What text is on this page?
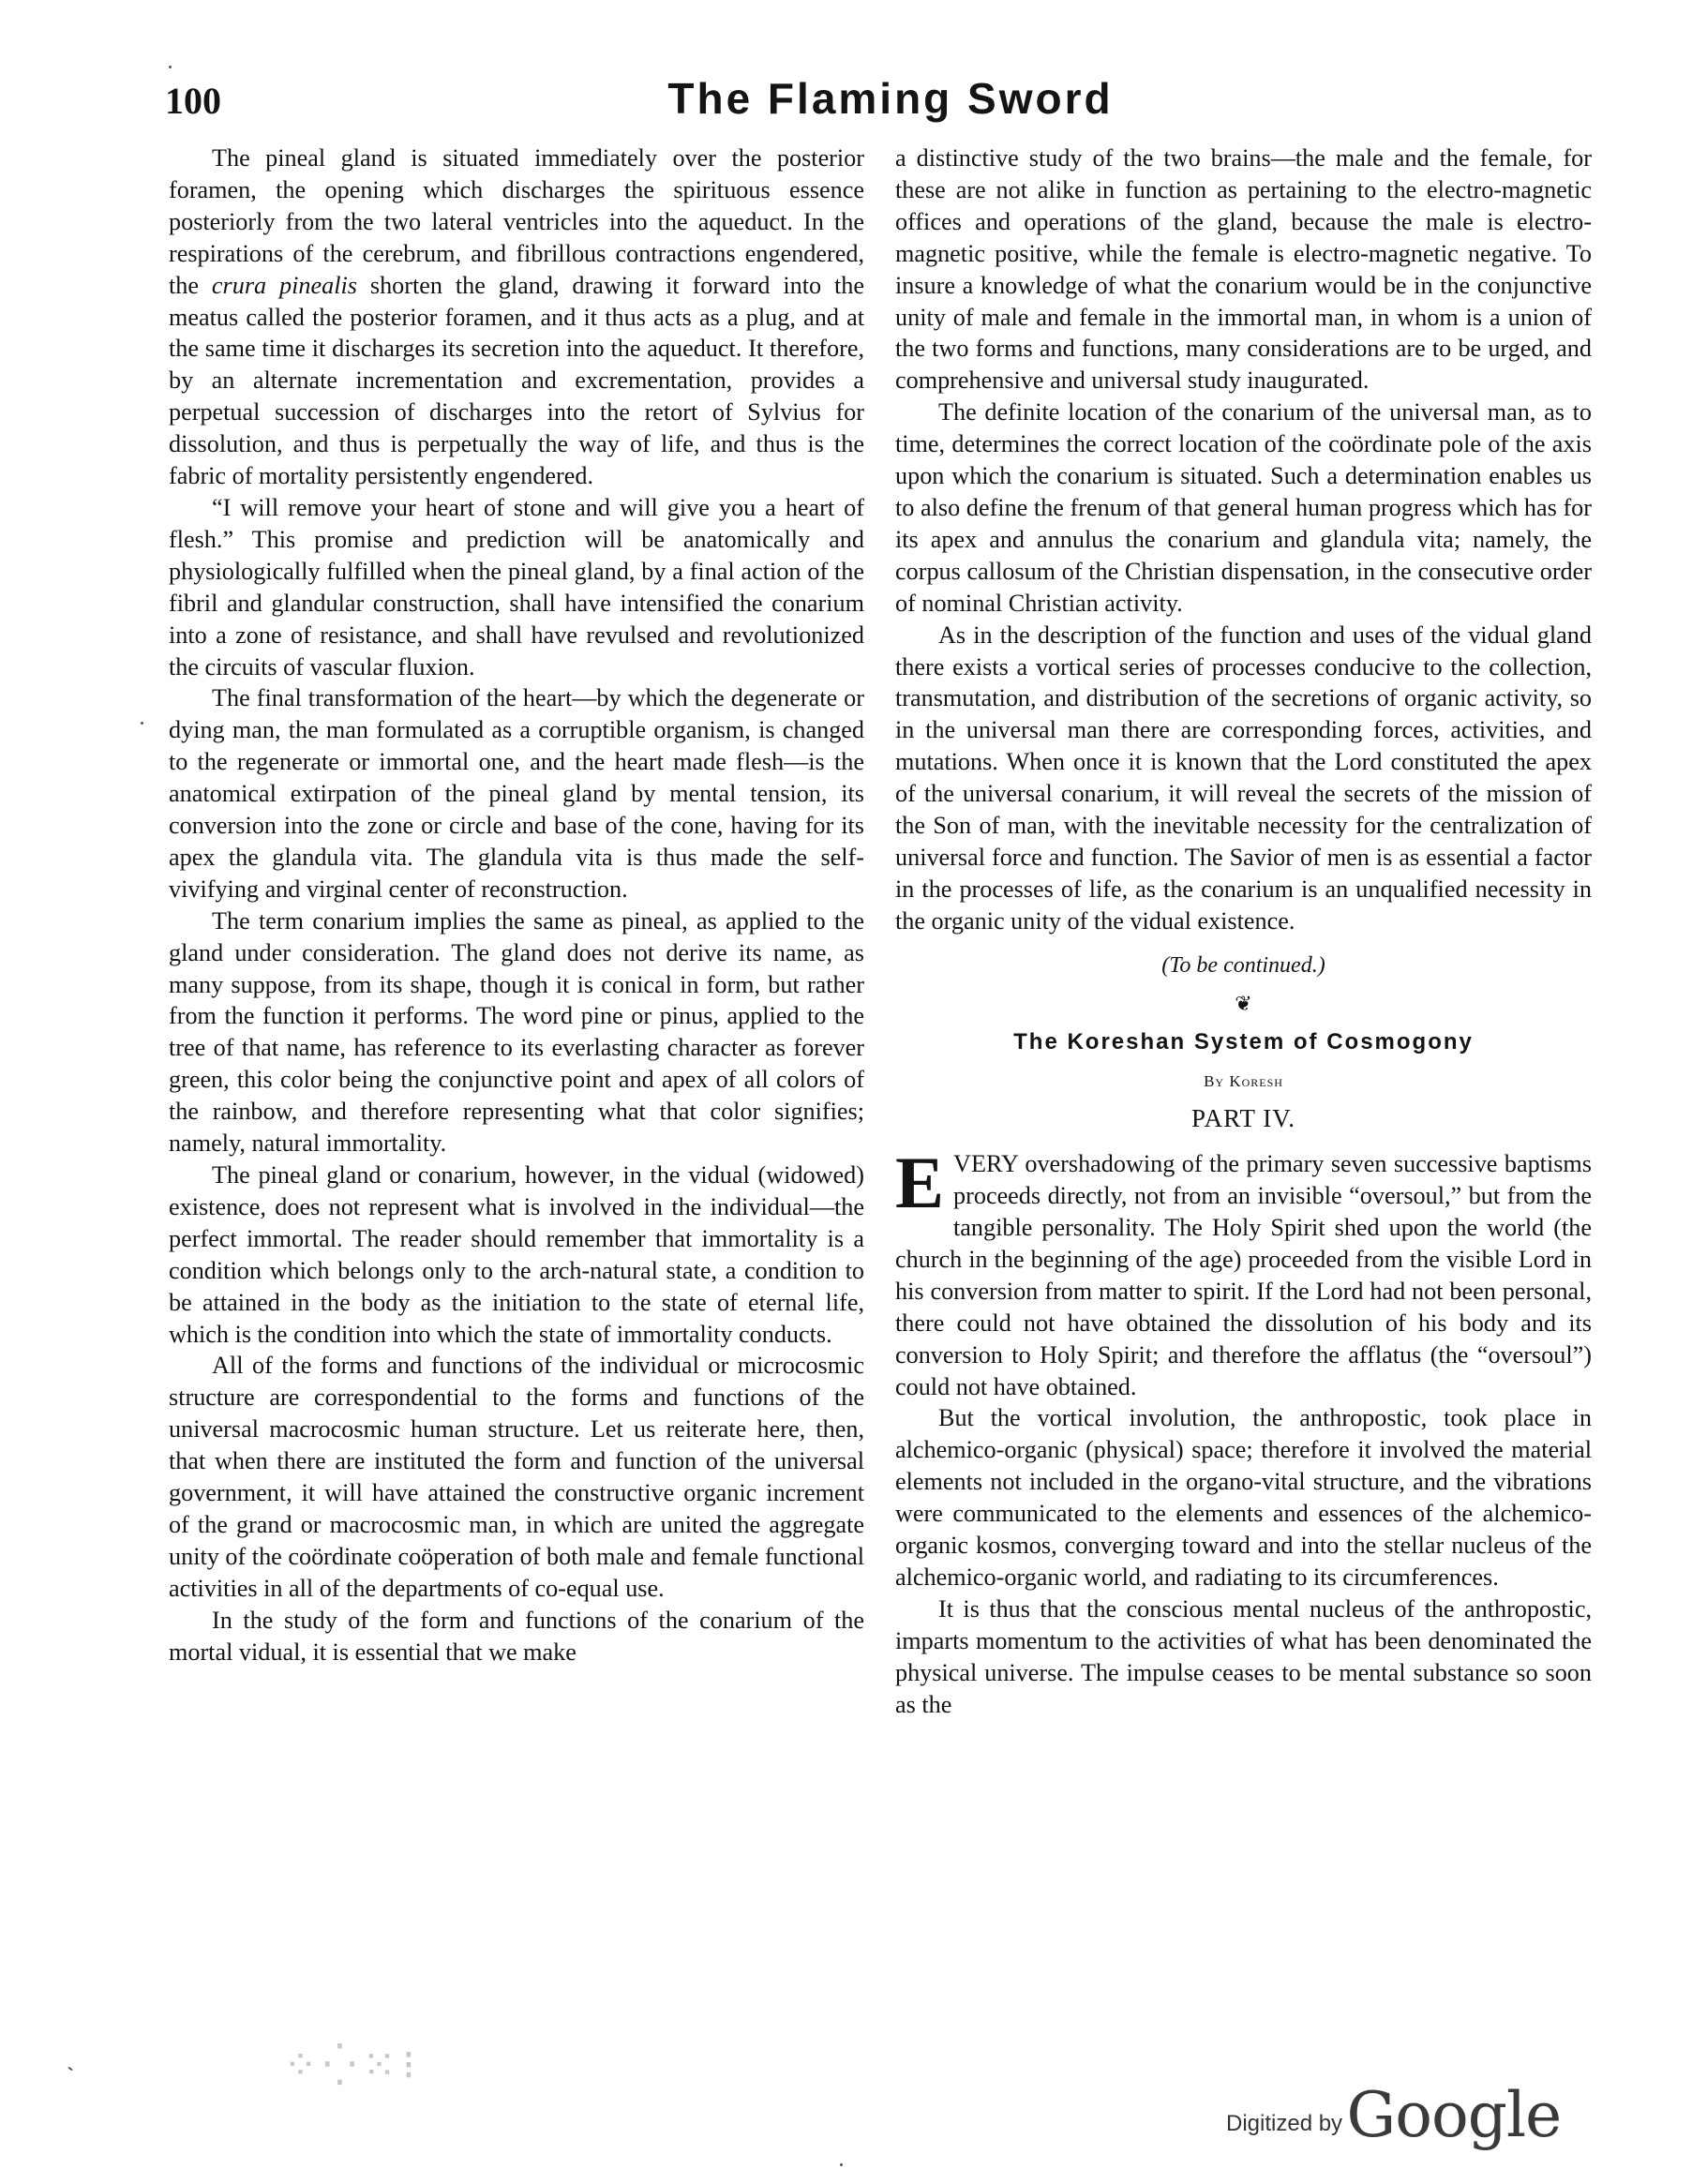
100	The Flaming Sword

The pineal gland is situated immediately over the posterior foramen, the opening which discharges the spirituous essence posteriorly from the two lateral ventricles into the aqueduct. In the respirations of the cerebrum, and fibrillous contractions engendered, the crura pinealis shorten the gland, drawing it forward into the meatus called the posterior foramen, and it thus acts as a plug, and at the same time it discharges its secretion into the aqueduct. It therefore, by an alternate incrementation and excrementation, provides a perpetual succession of discharges into the retort of Sylvius for dissolution, and thus is perpetually the way of life, and thus is the fabric of mortality persistently engendered.

“I will remove your heart of stone and will give you a heart of flesh.” This promise and prediction will be anatomically and physiologically fulfilled when the pineal gland, by a final action of the fibril and glandular construction, shall have intensified the conarium into a zone of resistance, and shall have revulsed and revolutionized the circuits of vascular fluxion.

The final transformation of the heart—by which the degenerate or dying man, the man formulated as a corruptible organism, is changed to the regenerate or immortal one, and the heart made flesh—is the anatomical extirpation of the pineal gland by mental tension, its conversion into the zone or circle and base of the cone, having for its apex the glandula vita. The glandula vita is thus made the self-vivifying and virginal center of reconstruction.

The term conarium implies the same as pineal, as applied to the gland under consideration. The gland does not derive its name, as many suppose, from its shape, though it is conical in form, but rather from the function it performs. The word pine or pinus, applied to the tree of that name, has reference to its everlasting character as forever green, this color being the conjunctive point and apex of all colors of the rainbow, and therefore representing what that color signifies; namely, natural immortality.

The pineal gland or conarium, however, in the vidual (widowed) existence, does not represent what is involved in the individual—the perfect immortal. The reader should remember that immortality is a condition which belongs only to the arch-natural state, a condition to be attained in the body as the initiation to the state of eternal life, which is the condition into which the state of immortality conducts.

All of the forms and functions of the individual or microcosmic structure are correspondential to the forms and functions of the universal macrocosmic human structure. Let us reiterate here, then, that when there are instituted the form and function of the universal government, it will have attained the constructive organic increment of the grand or macrocosmic man, in which are united the aggregate unity of the coördinate coöperation of both male and female functional activities in all of the departments of co-equal use.

In the study of the form and functions of the conarium of the mortal vidual, it is essential that we make

a distinctive study of the two brains—the male and the female, for these are not alike in function as pertaining to the electro-magnetic offices and operations of the gland, because the male is electro-magnetic positive, while the female is electro-magnetic negative. To insure a knowledge of what the conarium would be in the conjunctive unity of male and female in the immortal man, in whom is a union of the two forms and functions, many considerations are to be urged, and comprehensive and universal study inaugurated.

The definite location of the conarium of the universal man, as to time, determines the correct location of the coördinate pole of the axis upon which the conarium is situated. Such a determination enables us to also define the frenum of that general human progress which has for its apex and annulus the conarium and glandula vita; namely, the corpus callosum of the Christian dispensation, in the consecutive order of nominal Christian activity.

As in the description of the function and uses of the vidual gland there exists a vortical series of processes conducive to the collection, transmutation, and distribution of the secretions of organic activity, so in the universal man there are corresponding forces, activities, and mutations. When once it is known that the Lord constituted the apex of the universal conarium, it will reveal the secrets of the mission of the Son of man, with the inevitable necessity for the centralization of universal force and function. The Savior of men is as essential a factor in the processes of life, as the conarium is an unqualified necessity in the organic unity of the vidual existence.

(To be continued.)
❦
The Koreshan System of Cosmogony
By Koresh
PART IV.

EVERY overshadowing of the primary seven successive baptisms proceeds directly, not from an invisible “oversoul,” but from the tangible personality. The Holy Spirit shed upon the world (the church in the beginning of the age) proceeded from the visible Lord in his conversion from matter to spirit. If the Lord had not been personal, there could not have obtained the dissolution of his body and its conversion to Holy Spirit; and therefore the afflatus (the “oversoul”) could not have obtained.

But the vortical involution, the anthropostic, took place in alchemico-organic (physical) space; therefore it involved the material elements not included in the organo-vital structure, and the vibrations were communicated to the elements and essences of the alchemico-organic kosmos, converging toward and into the stellar nucleus of the alchemico-organic world, and radiating to its circumferences.

It is thus that the conscious mental nucleus of the anthropostic, imparts momentum to the activities of what has been denominated the physical universe. The impulse ceases to be mental substance so soon as the

⁘⁛⁙⁝
Digitized by Google
